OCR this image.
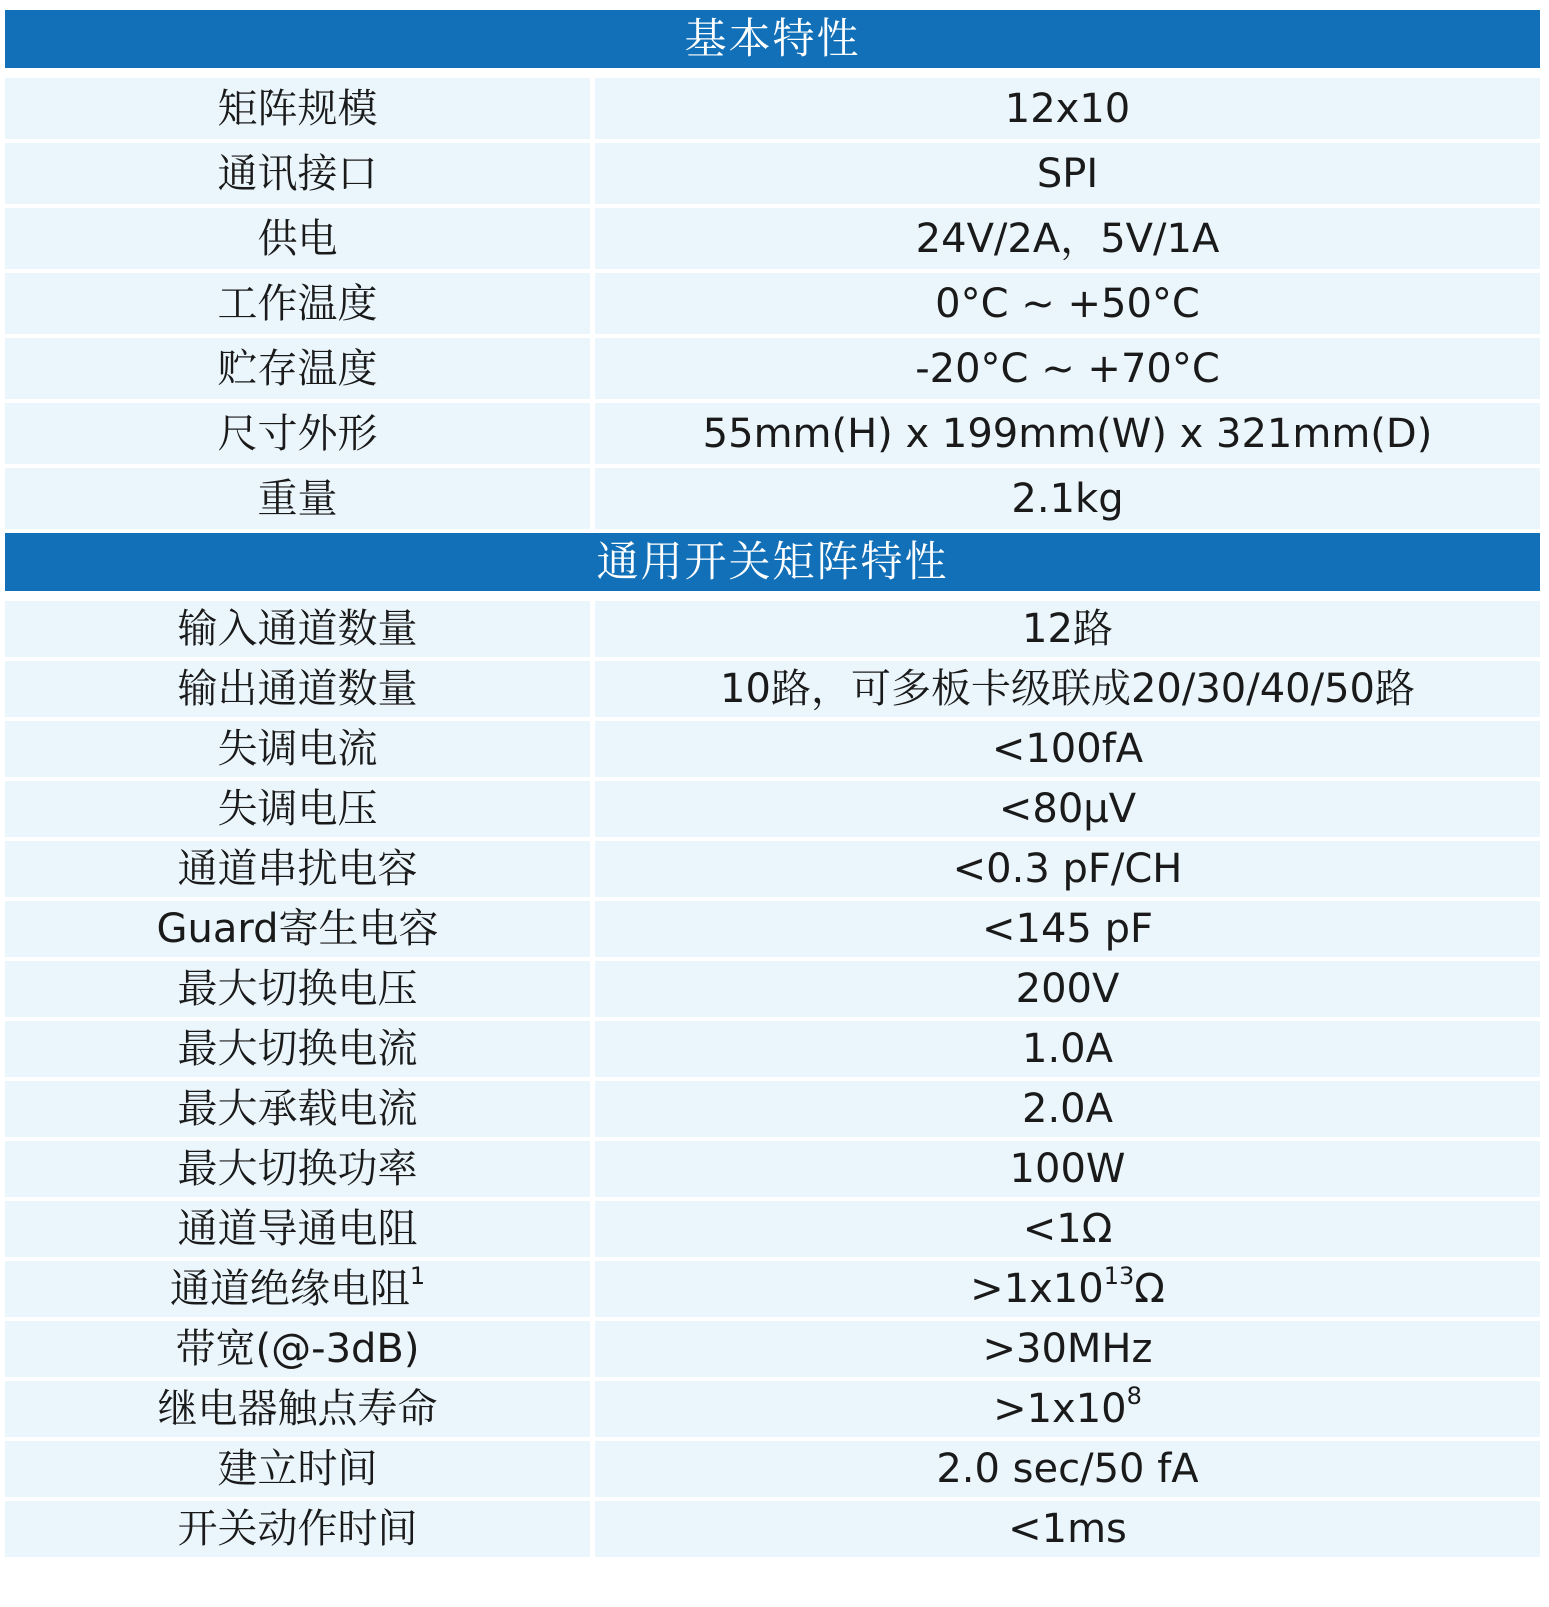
基本特性	

矩阵规模	12x10
通讯接口	SPI
供电	24V/2A，5V/1A
工作温度	0°C ~ +50°C
贮存温度	-20°C ~ +70°C
尺寸外形	55mm(H) x 199mm(W) x 321mm(D)
重量	2.1kg
通用开关矩阵特性	

输入通道数量	12路
输出通道数量	10路，可多板卡级联成20/30/40/50路
失调电流	<100fA
失调电压	<80μV
通道串扰电容	<0.3 pF/CH
Guard寄生电容	<145 pF
最大切换电压	200V
最大切换电流	1.0A
最大承载电流	2.0A
最大切换功率	100W
通道导通电阻	<1Ω
通道绝缘电阻$^1$	$>1x10^{13}\Omega$
带宽(@-3dB)	>30MHz
继电器触点寿命	$>1x10^8$
建立时间	2.0 sec/50 fA
开关动作时间	<1ms
